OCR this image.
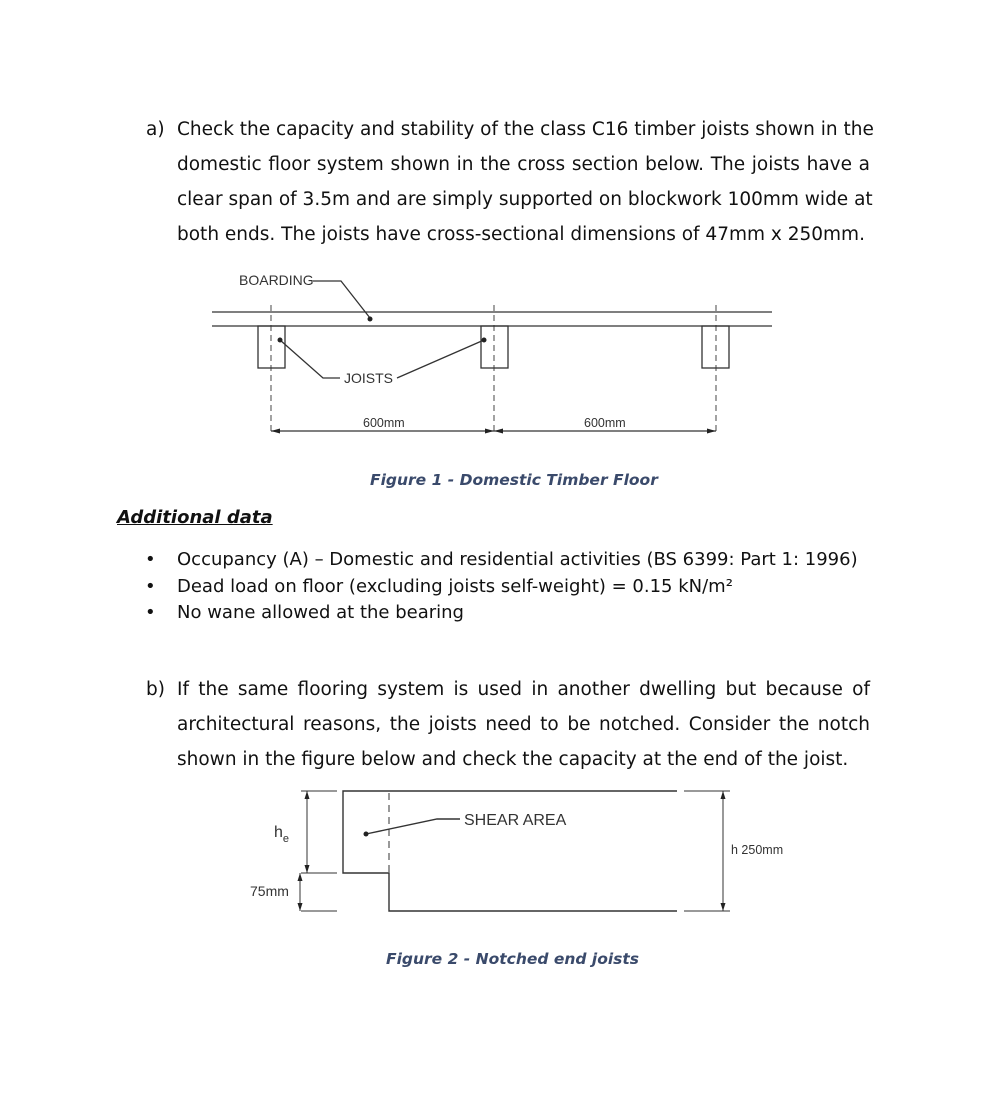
a) Check the capacity and stability of the class C16 timber joists shown in the
domestic floor system shown in the cross section below. The joists have a
clear span of 3.5m and are simply supported on blockwork 100mm wide at
both ends. The joists have cross-sectional dimensions of 47mm x 250mm.
BOARDING
JOISTS
600mm	600mm
Figure 1 - Domestic Timber Floor
Additional data
•	Occupancy (A) – Domestic and residential activities (BS 6399: Part 1: 1996)
•	Dead load on floor (excluding joists self-weight) = 0.15 kN/m²
•	No wane allowed at the bearing
b) If the same flooring system is used in another dwelling but because of
architectural reasons, the joists need to be notched. Consider the notch
shown in the figure below and check the capacity at the end of the joist.
$h_e$
75mm
SHEAR AREA
h 250mm
Figure 2 - Notched end joists
